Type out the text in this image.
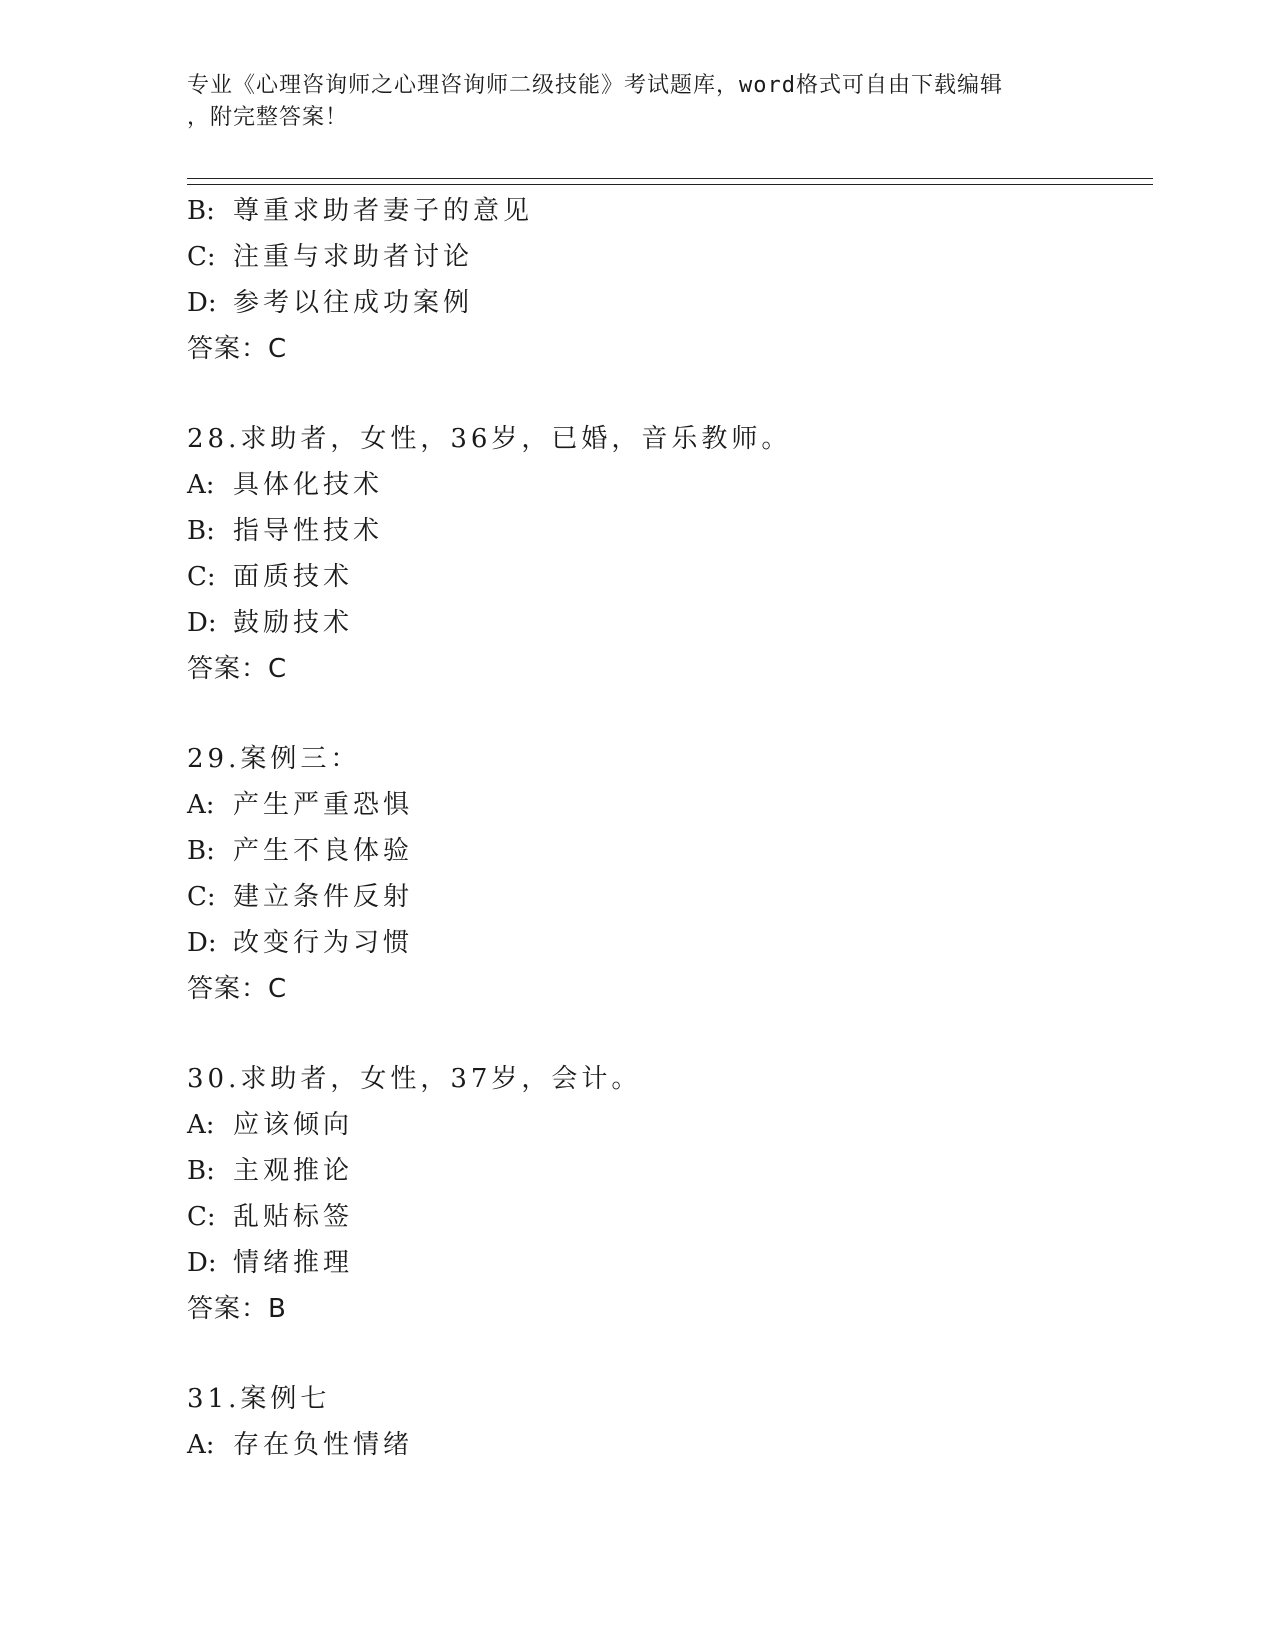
专业《心理咨询师之心理咨询师二级技能》考试题库，word格式可自由下载编辑
，附完整答案！
B: 尊重求助者妻子的意见
C: 注重与求助者讨论
D: 参考以往成功案例
答案：C
28.求助者，女性，36岁，已婚，音乐教师。
A: 具体化技术
B: 指导性技术
C: 面质技术
D: 鼓励技术
答案：C
29.案例三：
A: 产生严重恐惧
B: 产生不良体验
C: 建立条件反射
D: 改变行为习惯
答案：C
30.求助者，女性，37岁，会计。
A: 应该倾向
B: 主观推论
C: 乱贴标签
D: 情绪推理
答案：B
31.案例七
A: 存在负性情绪
